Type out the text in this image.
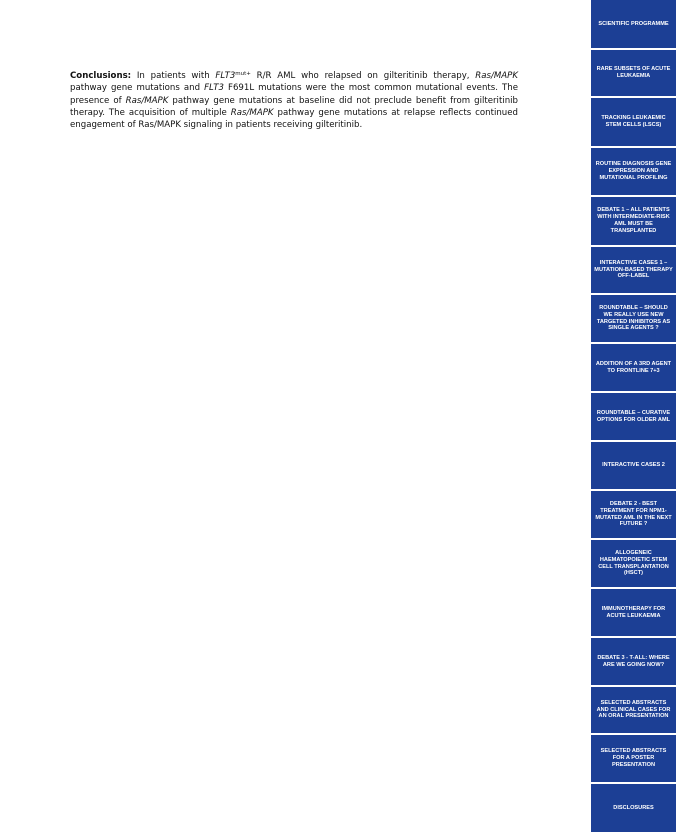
Conclusions: In patients with $FLT3^{mut+}$ R/R AML who relapsed on gilteritinib therapy, Ras/MAPK pathway gene mutations and FLT3 F691L mutations were the most common mutational events. The presence of Ras/MAPK pathway gene mutations at baseline did not preclude benefit from gilteritinib therapy. The acquisition of multiple Ras/MAPK pathway gene mutations at relapse reflects continued engagement of Ras/MAPK signaling in patients receiving gilteritinib.
SCIENTIFIC PROGRAMME
RARE SUBSETS OF ACUTE LEUKAEMIA
TRACKING LEUKAEMIC STEM CELLS (LSCS)
ROUTINE DIAGNOSIS GENE EXPRESSION AND MUTATIONAL PROFILING
DEBATE 1 – ALL PATIENTS WITH INTERMEDIATE-RISK AML MUST BE TRANSPLANTED
INTERACTIVE CASES 1 – MUTATION-BASED THERAPY OFF-LABEL
ROUNDTABLE – SHOULD WE REALLY USE NEW TARGETED INHIBITORS AS SINGLE AGENTS ?
ADDITION OF A 3RD AGENT TO FRONTLINE 7+3
ROUNDTABLE – CURATIVE OPTIONS FOR OLDER AML
INTERACTIVE CASES 2
DEBATE 2 - BEST TREATMENT FOR NPM1-MUTATED AML IN THE NEXT FUTURE ?
ALLOGENEIC HAEMATOPOIETIC STEM CELL TRANSPLANTATION (HSCT)
IMMUNOTHERAPY FOR ACUTE LEUKAEMIA
DEBATE 3 - T-ALL: WHERE ARE WE GOING NOW?
SELECTED ABSTRACTS AND CLINICAL CASES FOR AN ORAL PRESENTATION
SELECTED ABSTRACTS FOR A POSTER PRESENTATION
DISCLOSURES
